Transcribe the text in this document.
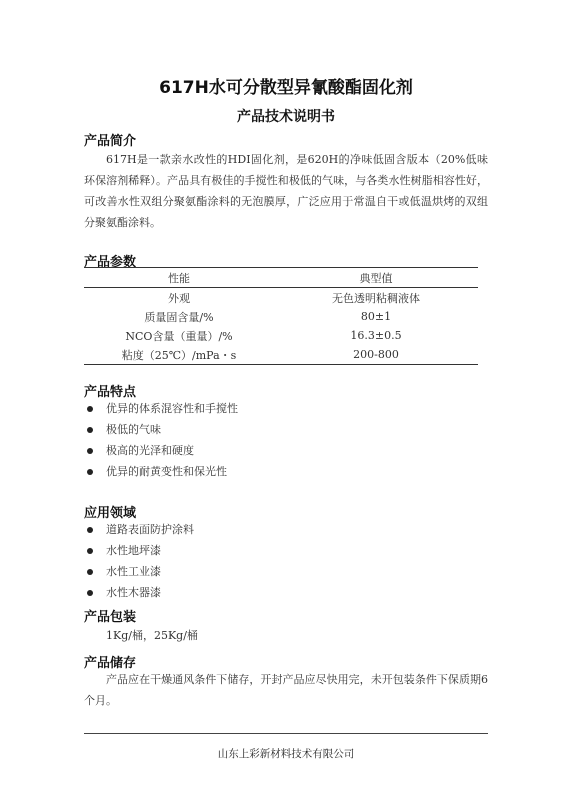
617H水可分散型异氰酸酯固化剂
产品技术说明书
产品简介
617H是一款亲水改性的HDI固化剂，是620H的净味低固含版本（20%低味环保溶剂稀释）。产品具有极佳的手搅性和极低的气味，与各类水性树脂相容性好，可改善水性双组分聚氨酯涂料的无泡膜厚，广泛应用于常温自干或低温烘烤的双组分聚氨酯涂料。
产品参数
性能	典型值
外观	无色透明粘稠液体
质量固含量/%	80±1
NCO含量（重量）/%	16.3±0.5
粘度（25℃）/mPa・s	200-800
产品特点
优异的体系混容性和手搅性
极低的气味
极高的光泽和硬度
优异的耐黄变性和保光性
应用领域
道路表面防护涂料
水性地坪漆
水性工业漆
水性木器漆
产品包装
1Kg/桶，25Kg/桶
产品储存
产品应在干燥通风条件下储存，开封产品应尽快用完，未开包装条件下保质期6个月。
山东上彩新材料技术有限公司
